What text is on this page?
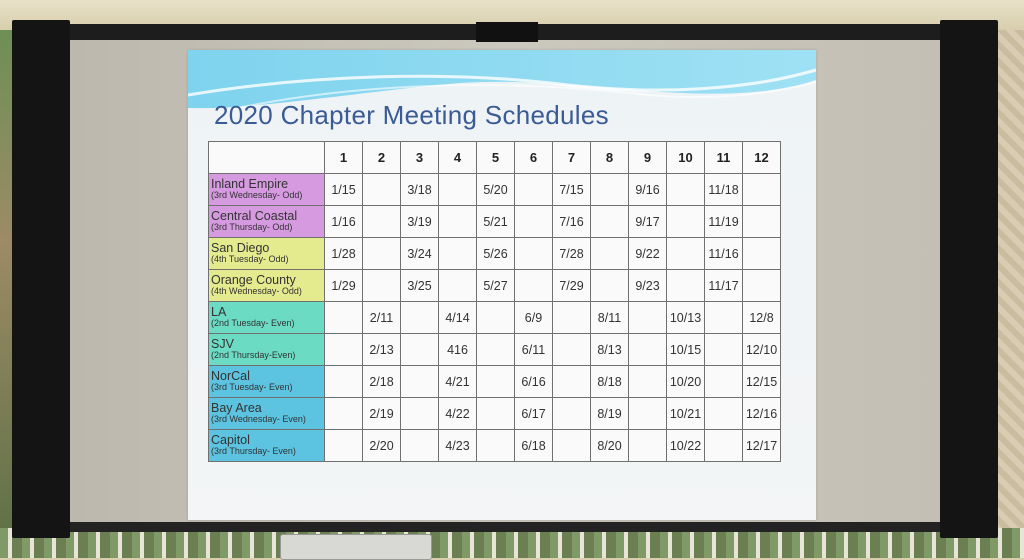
2020 Chapter Meeting Schedules
	1	2	3	4	5	6	7	8	9	10	11	12

Inland Empire
(3rd Wednesday- Odd)	1/15		3/18		5/20		7/15		9/16		11/18	

Central Coastal
(3rd Thursday- Odd)	1/16		3/19		5/21		7/16		9/17		11/19	

San Diego
(4th Tuesday- Odd)	1/28		3/24		5/26		7/28		9/22		11/16	

Orange County
(4th Wednesday- Odd)	1/29		3/25		5/27		7/29		9/23		11/17	

LA
(2nd Tuesday- Even)		2/11		4/14		6/9		8/11		10/13		12/8

SJV
(2nd Thursday-Even)		2/13		416		6/11		8/13		10/15		12/10

NorCal
(3rd Tuesday- Even)		2/18		4/21		6/16		8/18		10/20		12/15

Bay Area
(3rd Wednesday- Even)		2/19		4/22		6/17		8/19		10/21		12/16

Capitol
(3rd Thursday- Even)		2/20		4/23		6/18		8/20		10/22		12/17
